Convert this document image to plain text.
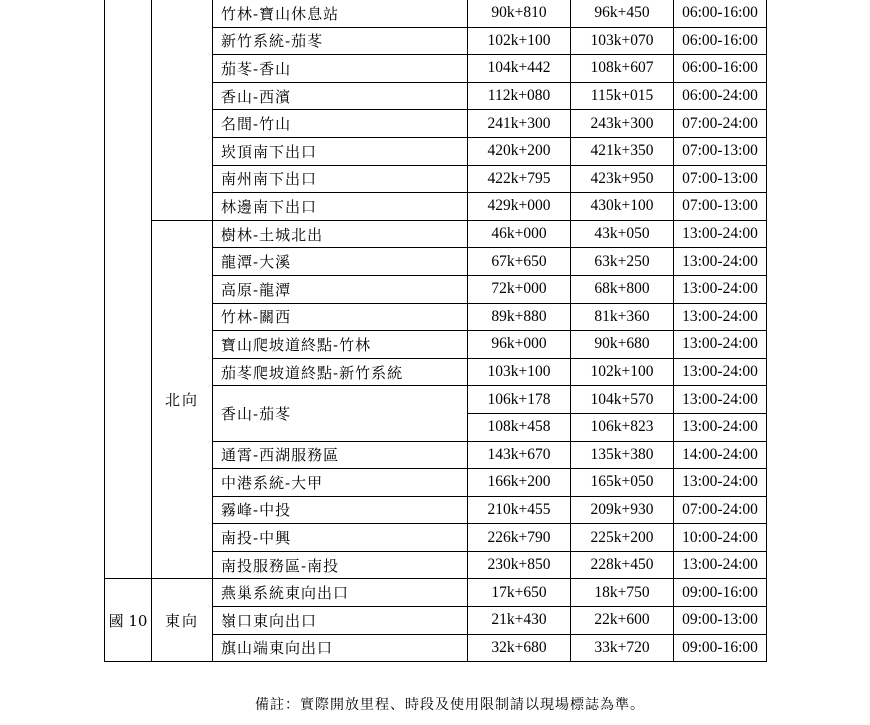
		竹林-寶山休息站	90k+810	96k+450	06:00-16:00
		新竹系統-茄苳	102k+100	103k+070	06:00-16:00
		茄苳-香山	104k+442	108k+607	06:00-16:00
		香山-西濱	112k+080	115k+015	06:00-24:00
		名間-竹山	241k+300	243k+300	07:00-24:00
		崁頂南下出口	420k+200	421k+350	07:00-13:00
		南州南下出口	422k+795	423k+950	07:00-13:00
		林邊南下出口	429k+000	430k+100	07:00-13:00
	北向	樹林-土城北出	46k+000	43k+050	13:00-24:00
		龍潭-大溪	67k+650	63k+250	13:00-24:00
		高原-龍潭	72k+000	68k+800	13:00-24:00
		竹林-關西	89k+880	81k+360	13:00-24:00
		寶山爬坡道終點-竹林	96k+000	90k+680	13:00-24:00
		茄苳爬坡道終點-新竹系統	103k+100	102k+100	13:00-24:00
		香山-茄苳	106k+178	104k+570	13:00-24:00
			108k+458	106k+823	13:00-24:00
		通霄-西湖服務區	143k+670	135k+380	14:00-24:00
		中港系統-大甲	166k+200	165k+050	13:00-24:00
		霧峰-中投	210k+455	209k+930	07:00-24:00
		南投-中興	226k+790	225k+200	10:00-24:00
		南投服務區-南投	230k+850	228k+450	13:00-24:00
國 10	東向	燕巢系統東向出口	17k+650	18k+750	09:00-16:00
		嶺口東向出口	21k+430	22k+600	09:00-13:00
		旗山端東向出口	32k+680	33k+720	09:00-16:00
備註：實際開放里程、時段及使用限制請以現場標誌為準。
